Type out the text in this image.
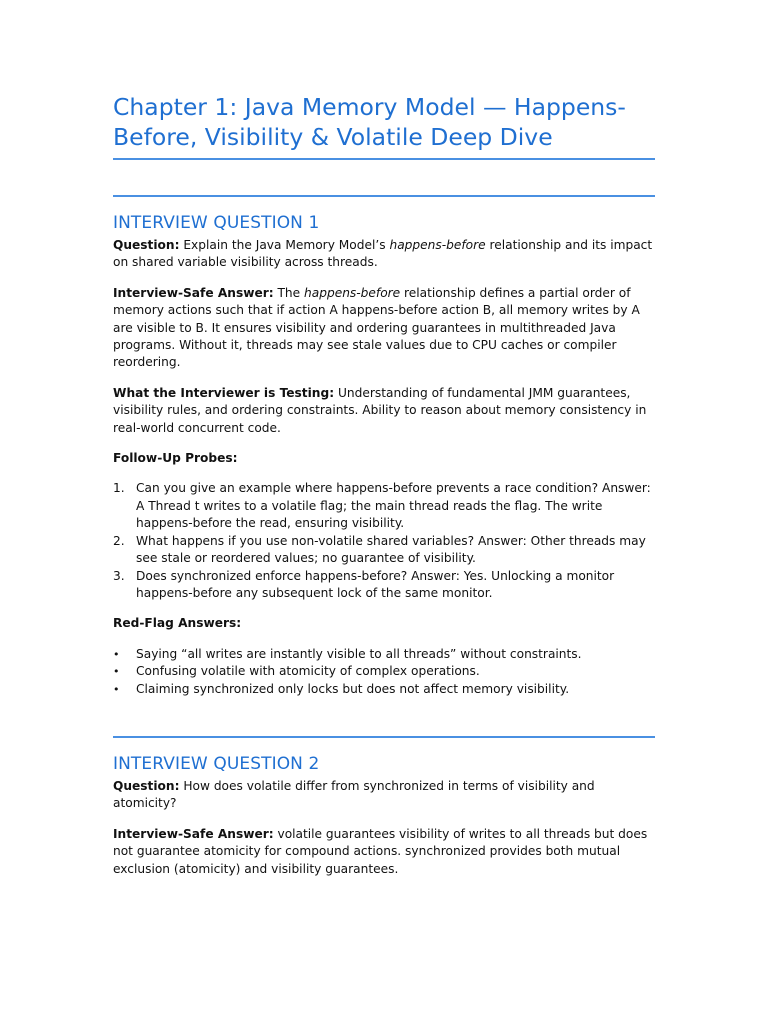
Chapter 1: Java Memory Model — Happens-Before, Visibility & Volatile Deep Dive
INTERVIEW QUESTION 1

Question: Explain the Java Memory Model’s happens-before relationship and its impact on shared variable visibility across threads.

Interview-Safe Answer: The happens-before relationship defines a partial order of memory actions such that if action A happens-before action B, all memory writes by A are visible to B. It ensures visibility and ordering guarantees in multithreaded Java programs. Without it, threads may see stale values due to CPU caches or compiler reordering.

What the Interviewer is Testing: Understanding of fundamental JMM guarantees, visibility rules, and ordering constraints. Ability to reason about memory consistency in real-world concurrent code.

Follow-Up Probes:

1. Can you give an example where happens-before prevents a race condition? Answer: A Thread t writes to a volatile flag; the main thread reads the flag. The write happens-before the read, ensuring visibility.
2. What happens if you use non-volatile shared variables? Answer: Other threads may see stale or reordered values; no guarantee of visibility.
3. Does synchronized enforce happens-before? Answer: Yes. Unlocking a monitor happens-before any subsequent lock of the same monitor.

Red-Flag Answers:

• Saying “all writes are instantly visible to all threads” without constraints.
• Confusing volatile with atomicity of complex operations.
• Claiming synchronized only locks but does not affect memory visibility.
INTERVIEW QUESTION 2

Question: How does volatile differ from synchronized in terms of visibility and atomicity?

Interview-Safe Answer: volatile guarantees visibility of writes to all threads but does not guarantee atomicity for compound actions. synchronized provides both mutual exclusion (atomicity) and visibility guarantees.
